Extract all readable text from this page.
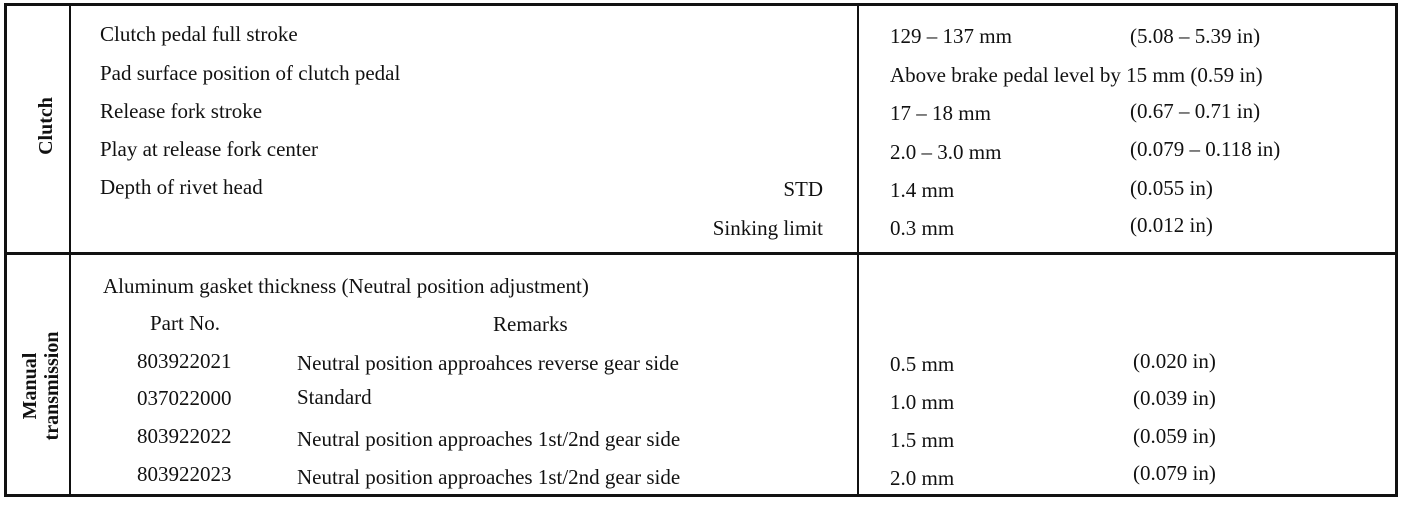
Clutch
Clutch pedal full stroke	129 – 137 mm	(5.08 – 5.39 in)
Pad surface position of clutch pedal	Above brake pedal level by 15 mm (0.59 in)
Release fork stroke	17 – 18 mm	(0.67 – 0.71 in)
Play at release fork center	2.0 – 3.0 mm	(0.079 – 0.118 in)
Depth of rivet head	STD	1.4 mm	(0.055 in)
Sinking limit	0.3 mm	(0.012 in)
Manual transmission
Aluminum gasket thickness (Neutral position adjustment)
Part No.	Remarks
803922021	Neutral position approahces reverse gear side	0.5 mm	(0.020 in)
037022000	Standard	1.0 mm	(0.039 in)
803922022	Neutral position approaches 1st/2nd gear side	1.5 mm	(0.059 in)
803922023	Neutral position approaches 1st/2nd gear side	2.0 mm	(0.079 in)
